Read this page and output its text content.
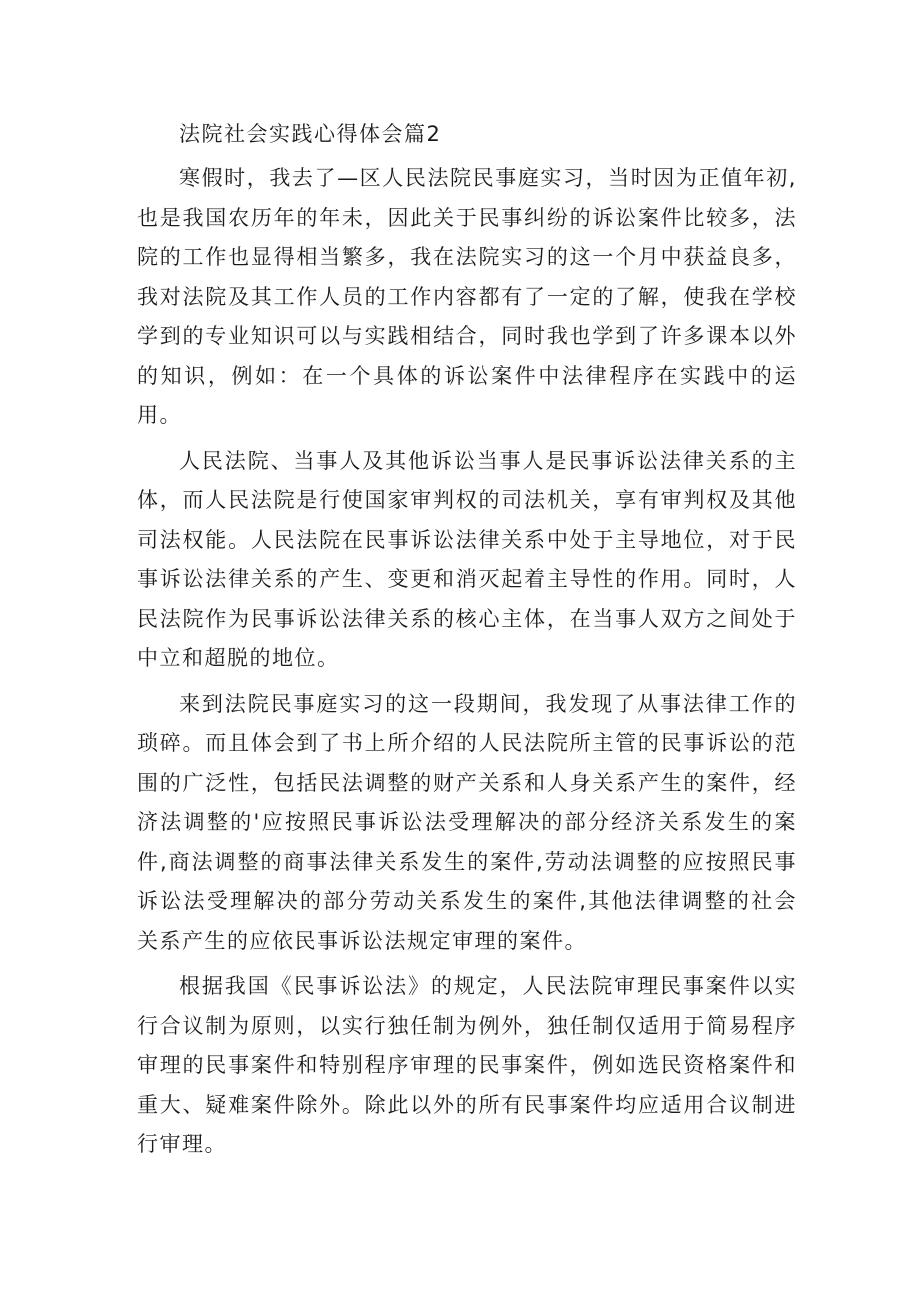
法院社会实践心得体会篇2

寒假时，我去了—区人民法院民事庭实习，当时因为正值年初,也是我国农历年的年未，因此关于民事纠纷的诉讼案件比较多，法院的工作也显得相当繁多，我在法院实习的这一个月中获益良多，我对法院及其工作人员的工作内容都有了一定的了解，使我在学校学到的专业知识可以与实践相结合，同时我也学到了许多课本以外的知识，例如：在一个具体的诉讼案件中法律程序在实践中的运用。

人民法院、当事人及其他诉讼当事人是民事诉讼法律关系的主体，而人民法院是行使国家审判权的司法机关，享有审判权及其他司法权能。人民法院在民事诉讼法律关系中处于主导地位，对于民事诉讼法律关系的产生、变更和消灭起着主导性的作用。同时，人民法院作为民事诉讼法律关系的核心主体，在当事人双方之间处于中立和超脱的地位。

来到法院民事庭实习的这一段期间，我发现了从事法律工作的琐碎。而且体会到了书上所介绍的人民法院所主管的民事诉讼的范围的广泛性，包括民法调整的财产关系和人身关系产生的案件，经济法调整的'应按照民事诉讼法受理解决的部分经济关系发生的案件,商法调整的商事法律关系发生的案件,劳动法调整的应按照民事诉讼法受理解决的部分劳动关系发生的案件,其他法律调整的社会关系产生的应依民事诉讼法规定审理的案件。

根据我国《民事诉讼法》的规定，人民法院审理民事案件以实行合议制为原则，以实行独任制为例外，独任制仅适用于简易程序审理的民事案件和特别程序审理的民事案件，例如选民资格案件和重大、疑难案件除外。除此以外的所有民事案件均应适用合议制进行审理。
